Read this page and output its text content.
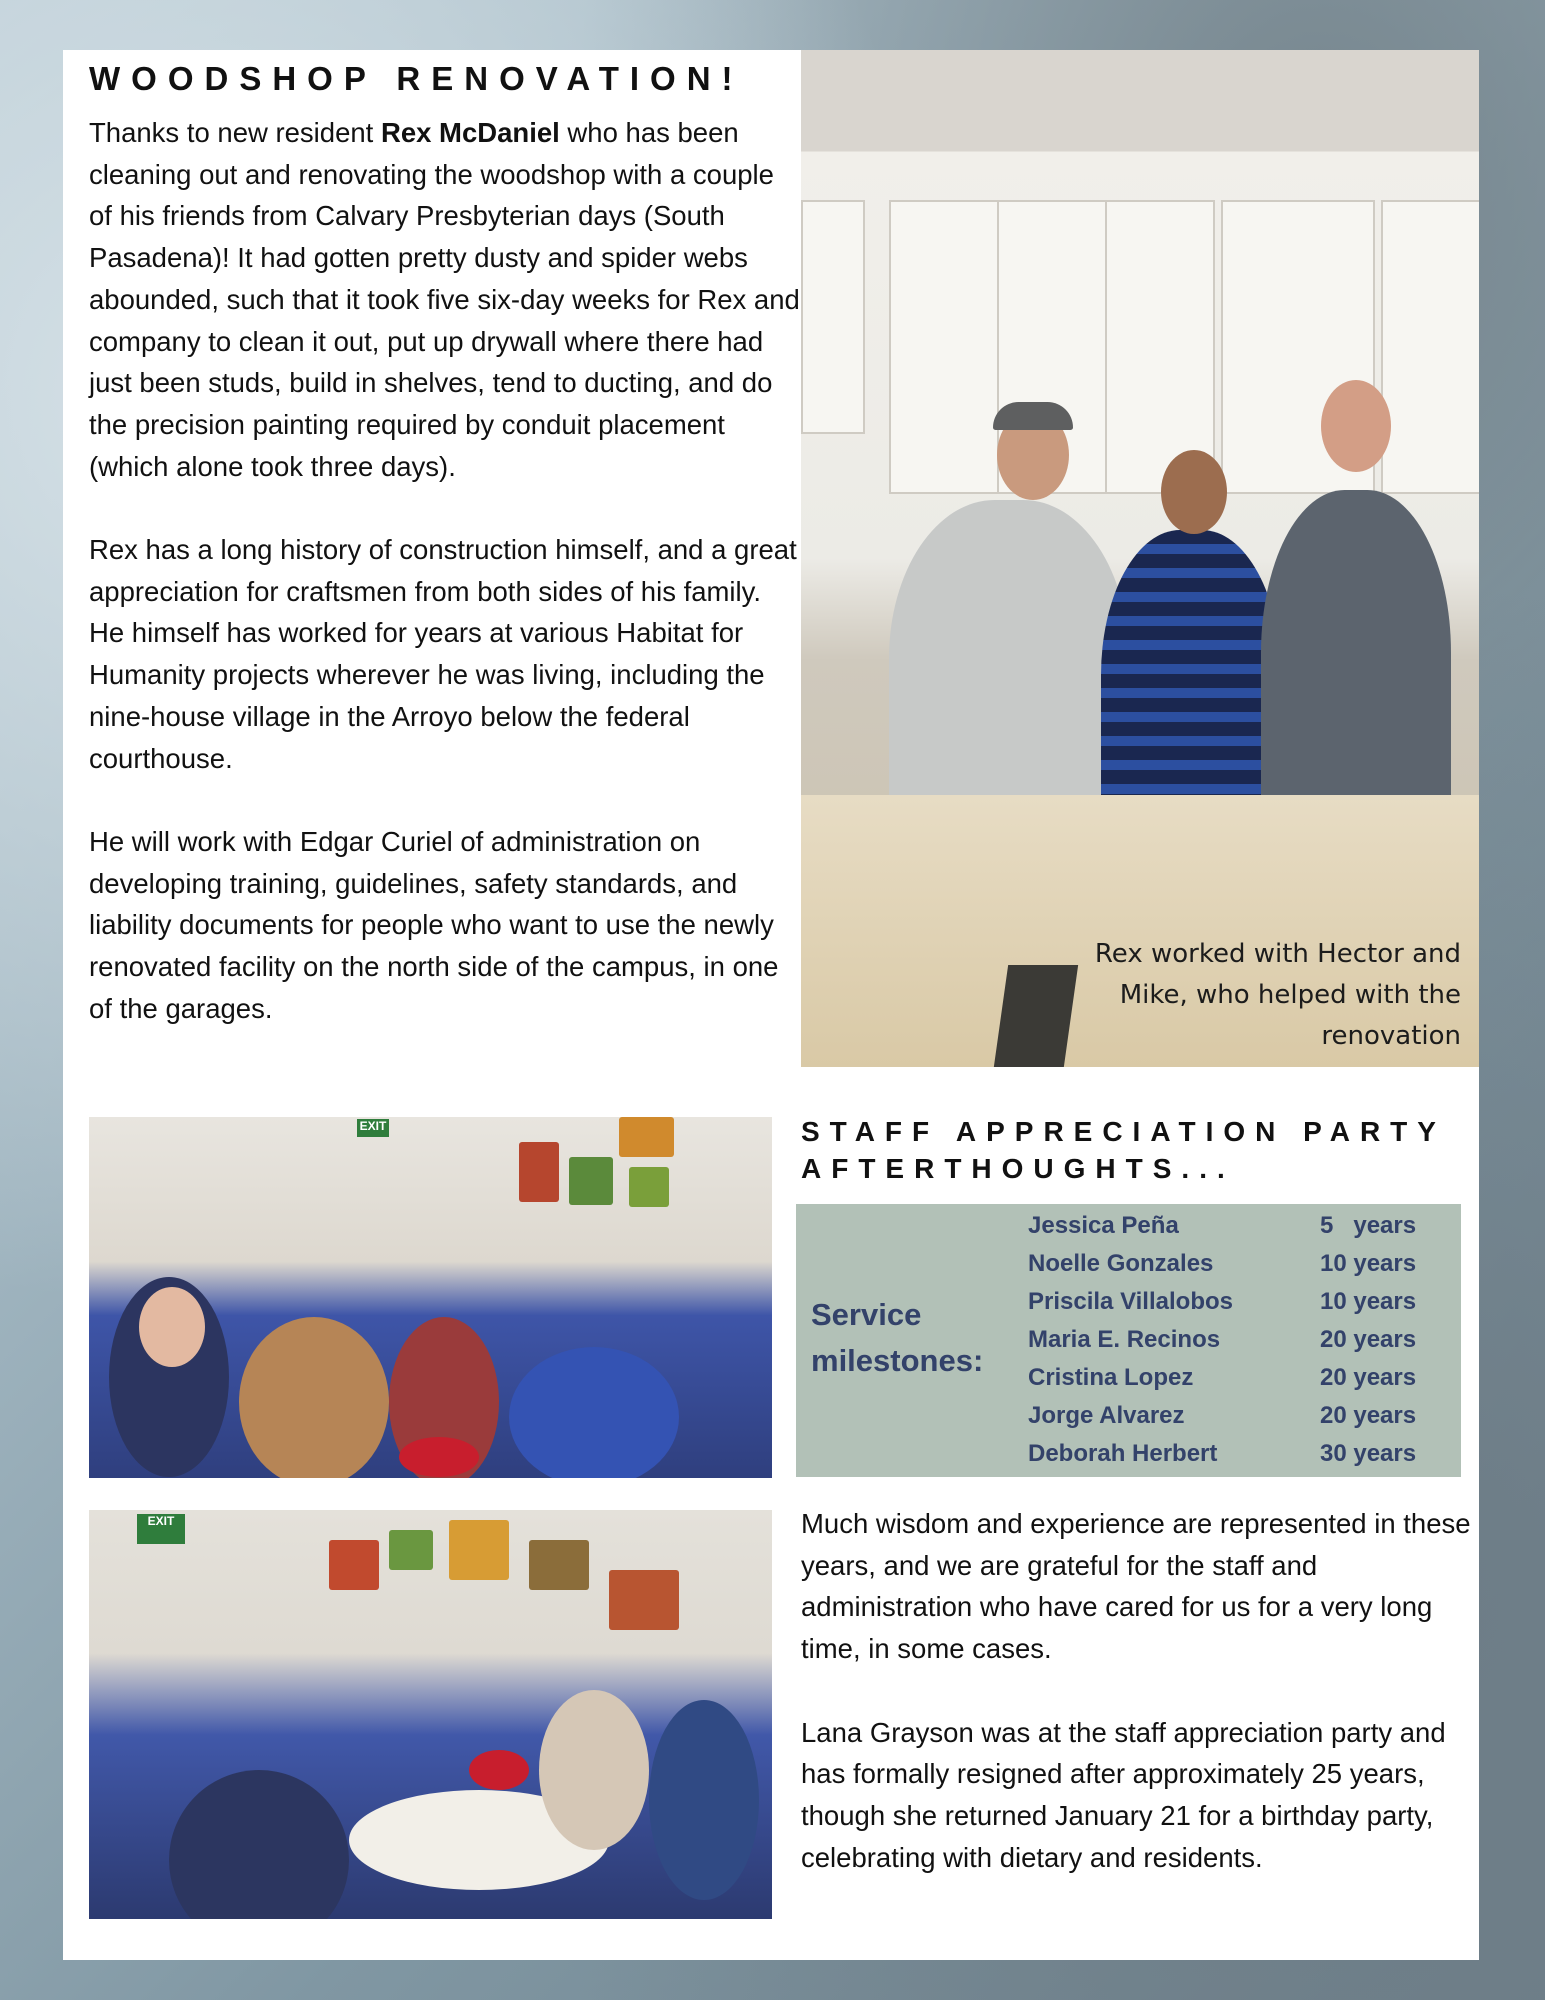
WOODSHOP RENOVATION!

Thanks to new resident Rex McDaniel who has been cleaning out and renovating the woodshop with a couple of his friends from Calvary Presbyterian days (South Pasadena)! It had gotten pretty dusty and spider webs abounded, such that it took five six-day weeks for Rex and company to clean it out, put up drywall where there had just been studs, build in shelves, tend to ducting, and do the precision painting required by conduit placement (which alone took three days).

Rex has a long history of construction himself, and a great appreciation for craftsmen from both sides of his family. He himself has worked for years at various Habitat for Humanity projects wherever he was living, including the nine-house village in the Arroyo below the federal courthouse.

He will work with Edgar Curiel of administration on developing training, guidelines, safety standards, and liability documents for people who want to use the newly renovated facility on the north side of the campus, in one of the garages.

Rex worked with Hector and Mike, who helped with the renovation
EXIT
EXIT
STAFF APPRECIATION PARTY
AFTERTHOUGHTS...
Service milestones:
Jessica Peña	5   years
Noelle Gonzales	10 years
Priscila Villalobos	10 years
Maria E. Recinos	20 years
Cristina Lopez	20 years
Jorge Alvarez	20 years
Deborah Herbert	30 years

Much wisdom and experience are represented in these years, and we are grateful for the staff and administration who have cared for us for a very long time, in some cases.

Lana Grayson was at the staff appreciation party and has formally resigned after approximately 25 years, though she returned January 21 for a birthday party, celebrating with dietary and residents.
